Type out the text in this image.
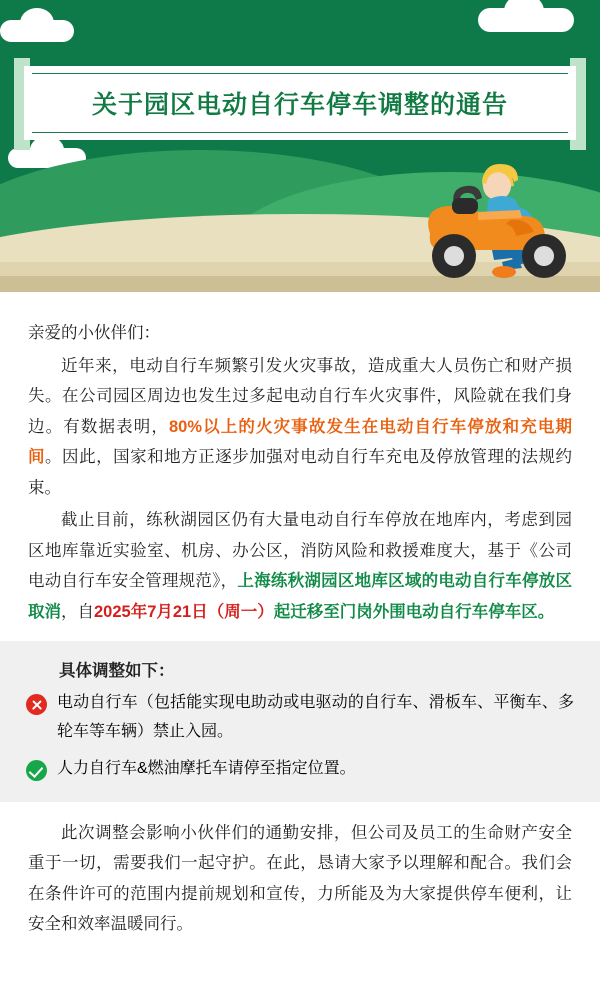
关于园区电动自行车停车调整的通告

亲爱的小伙伴们：

近年来，电动自行车频繁引发火灾事故，造成重大人员伤亡和财产损失。在公司园区周边也发生过多起电动自行车火灾事件，风险就在我们身边。有数据表明，80%以上的火灾事故发生在电动自行车停放和充电期间。因此，国家和地方正逐步加强对电动自行车充电及停放管理的法规约束。

截止目前，练秋湖园区仍有大量电动自行车停放在地库内，考虑到园区地库靠近实验室、机房、办公区，消防风险和救援难度大，基于《公司电动自行车安全管理规范》，上海练秋湖园区地库区域的电动自行车停放区取消，自2025年7月21日（周一）起迁移至门岗外围电动自行车停车区。

具体调整如下：
电动自行车（包括能实现电助动或电驱动的自行车、滑板车、平衡车、多轮车等车辆）禁止入园。
人力自行车&燃油摩托车请停至指定位置。

此次调整会影响小伙伴们的通勤安排，但公司及员工的生命财产安全重于一切，需要我们一起守护。在此，恳请大家予以理解和配合。我们会在条件许可的范围内提前规划和宣传，力所能及为大家提供停车便利，让安全和效率温暖同行。
